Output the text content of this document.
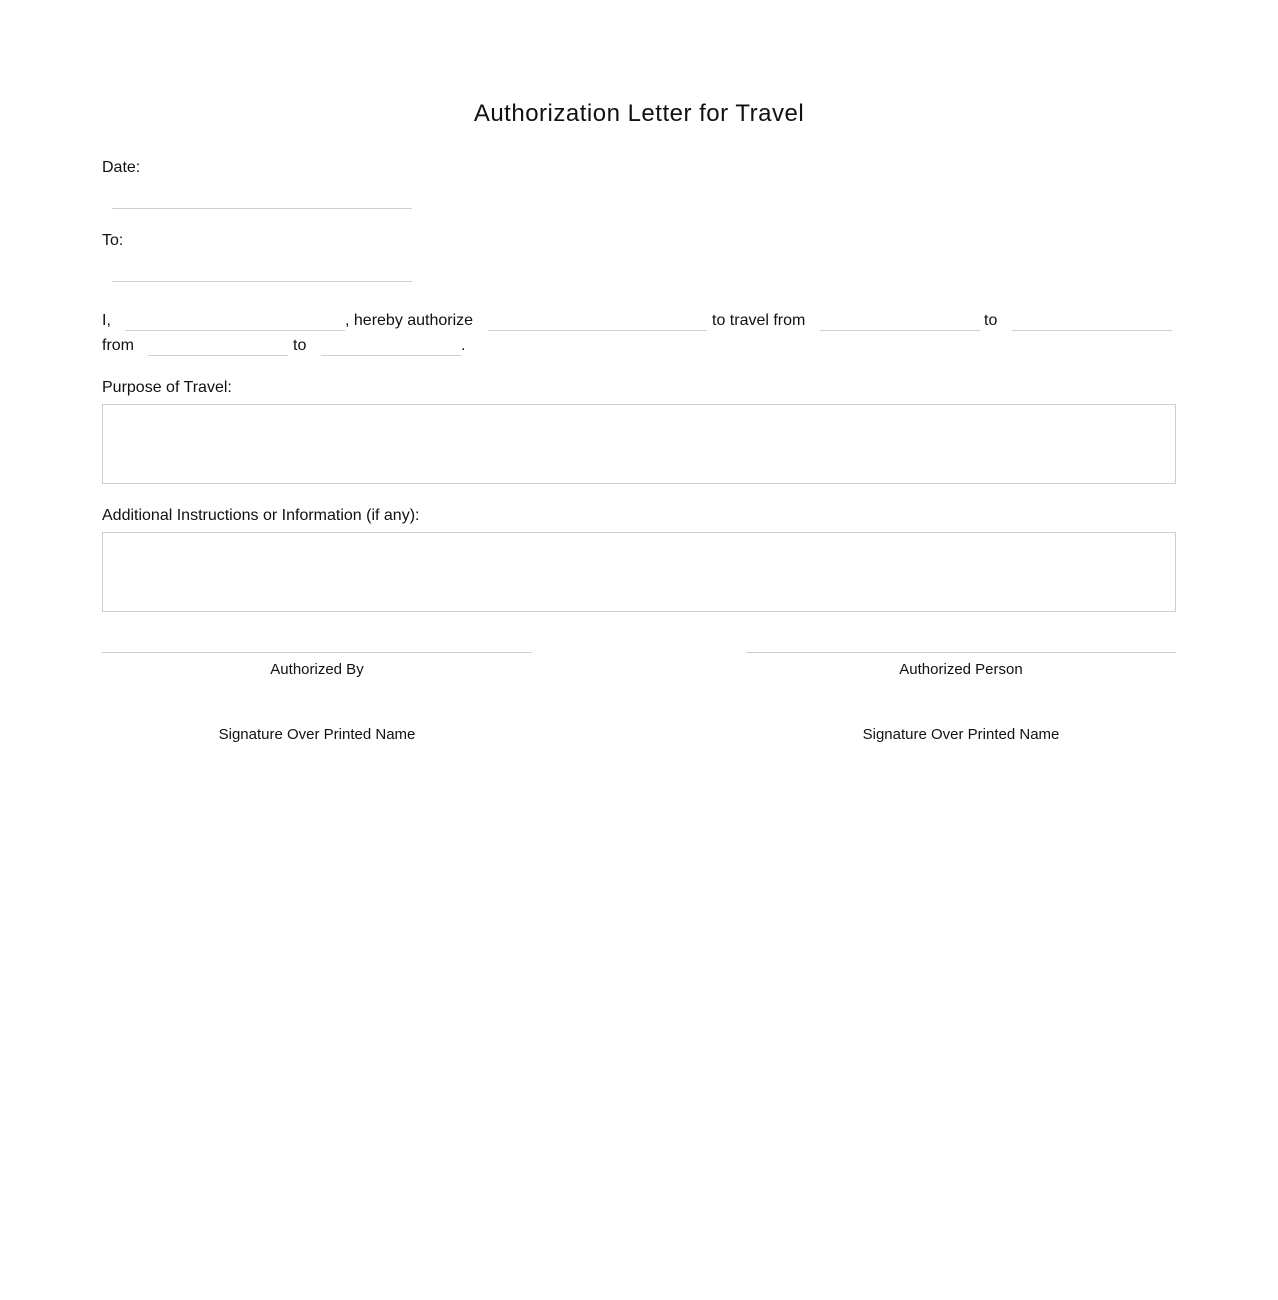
Authorization Letter for Travel
Date:
To:
I,	, hereby authorize	to travel from	to
from	to	.
Purpose of Travel:
Additional Instructions or Information (if any):
Authorized By
Signature Over Printed Name
Authorized Person
Signature Over Printed Name
